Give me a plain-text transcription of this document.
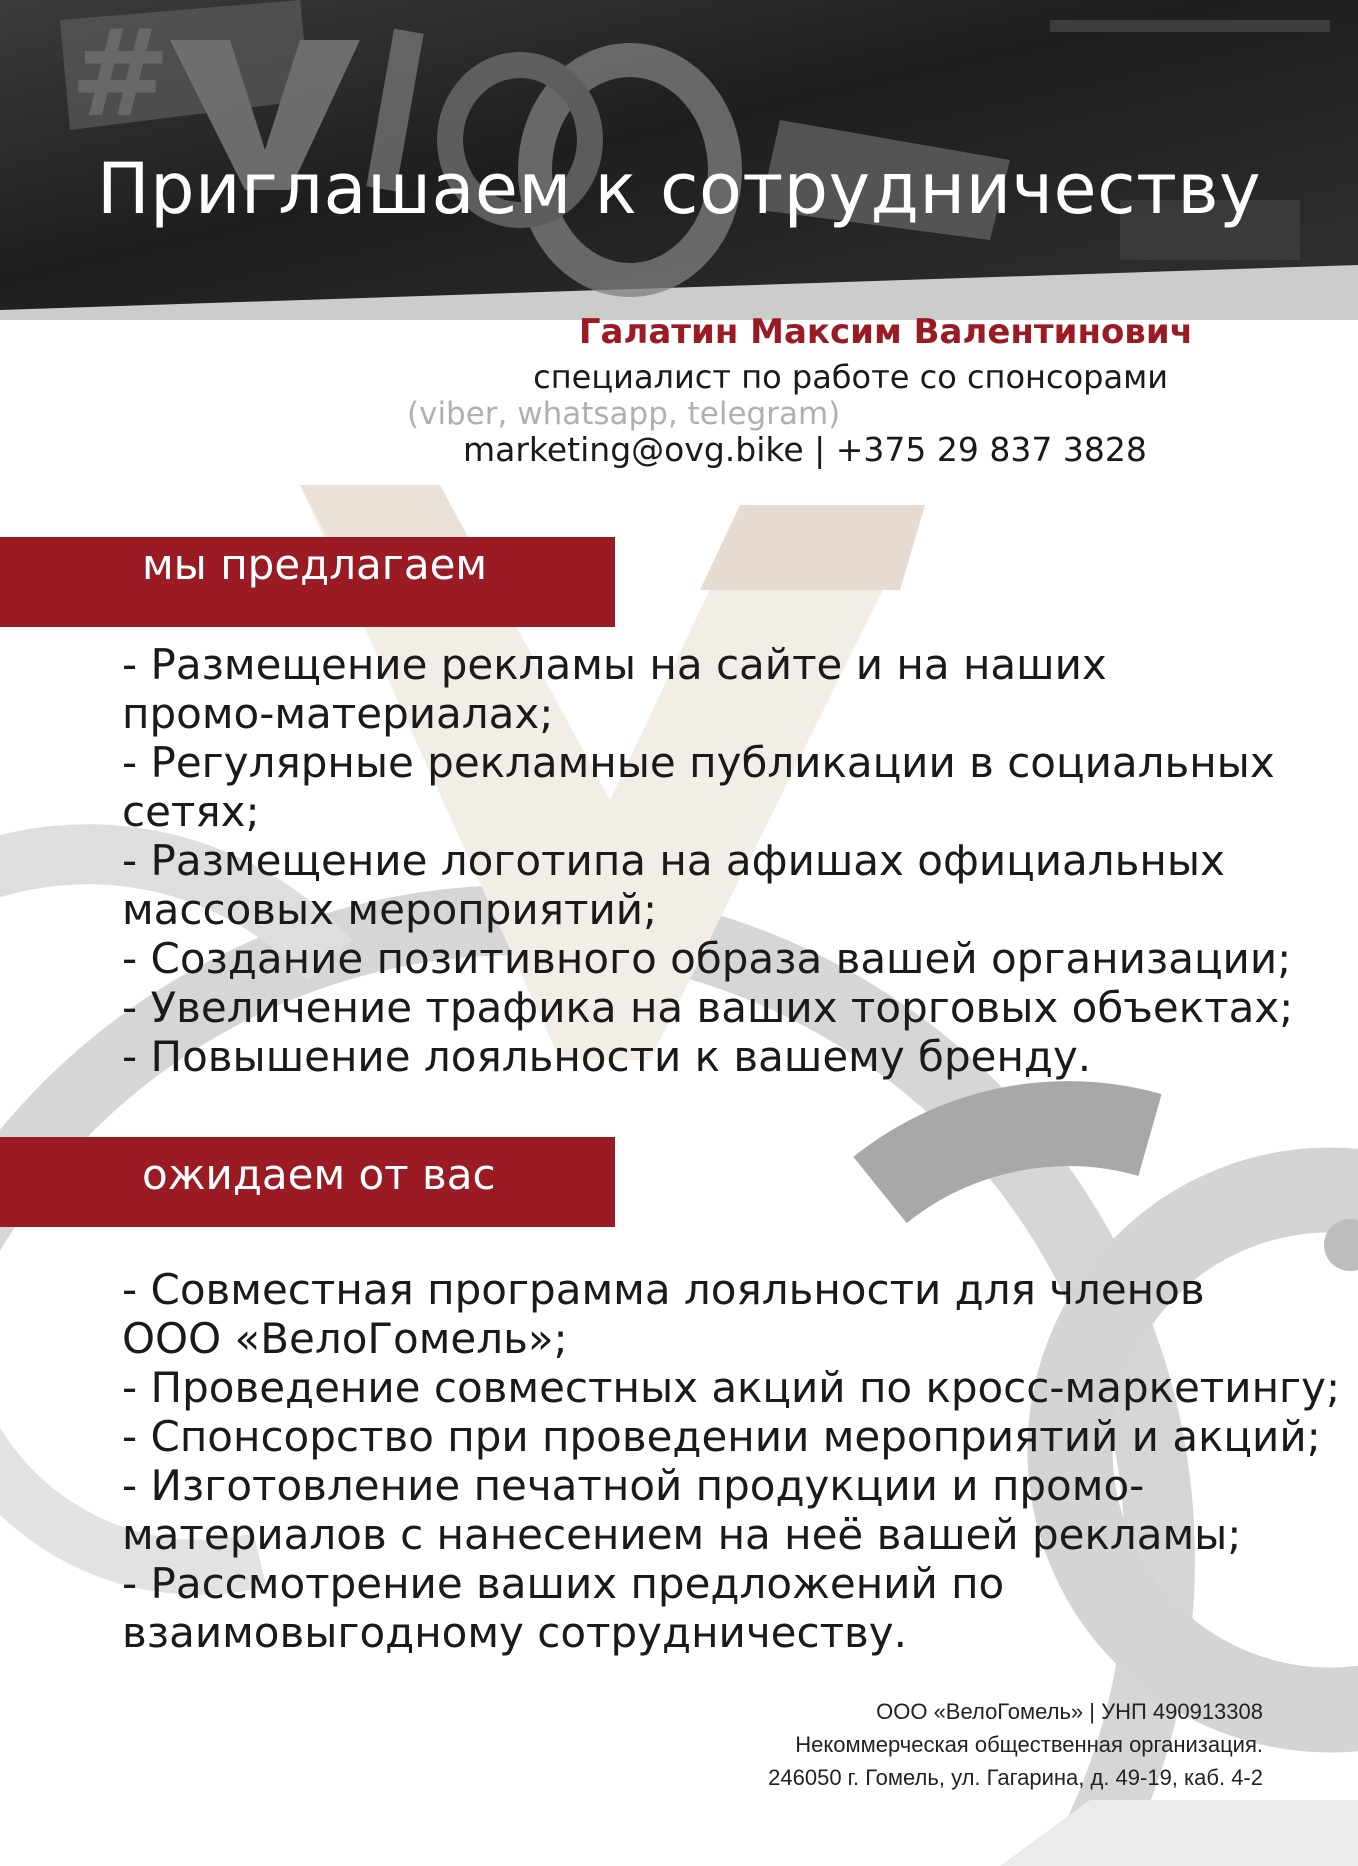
#
Приглашаем к сотрудничеству
Галатин Максим Валентинович
специалист по работе со спонсорами
(viber, whatsapp, telegram)
marketing@ovg.bike | +375 29 837 3828
мы предлагаем
- Размещение рекламы на сайте и на наших
промо-материалах;
- Регулярные рекламные публикации в социальных
сетях;
- Размещение логотипа на афишах официальных
массовых мероприятий;
- Создание позитивного образа вашей организации;
- Увеличение трафика на ваших торговых объектах;
- Повышение лояльности к вашему бренду.
ожидаем от вас
- Совместная программа лояльности для членов
ООО «ВелоГомель»;
- Проведение совместных акций по кросс-маркетингу;
- Спонсорство при проведении мероприятий и акций;
- Изготовление печатной продукции и промо-
материалов с нанесением на неё вашей рекламы;
- Рассмотрение ваших предложений по
взаимовыгодному сотрудничеству.
ООО «ВелоГомель» | УНП 490913308
Некоммерческая общественная организация.
246050 г. Гомель, ул. Гагарина, д. 49-19, каб. 4-2
